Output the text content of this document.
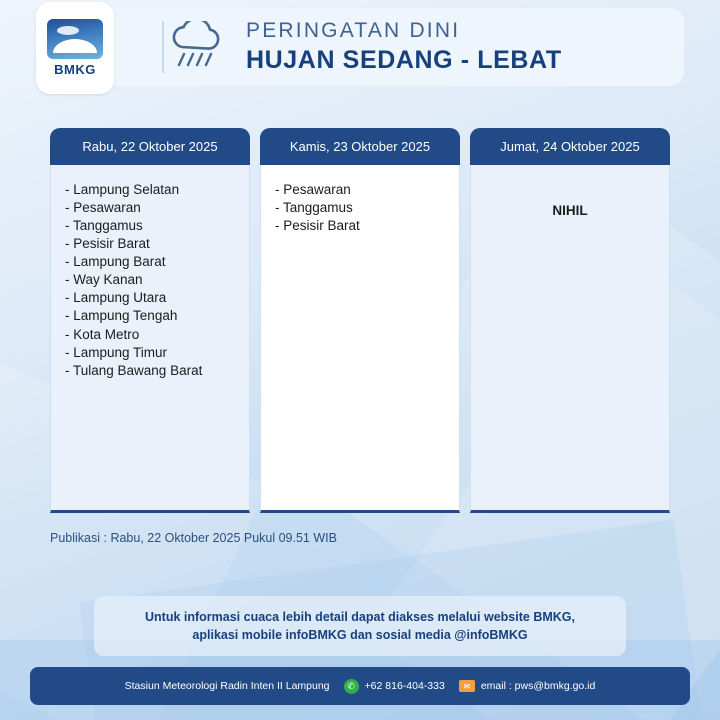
PERINGATAN DINI
HUJAN SEDANG - LEBAT
BMKG
Rabu, 22 Oktober 2025
- Lampung Selatan
- Pesawaran
- Tanggamus
- Pesisir Barat
- Lampung Barat
- Way Kanan
- Lampung Utara
- Lampung Tengah
- Kota Metro
- Lampung Timur
- Tulang Bawang Barat
Kamis, 23 Oktober 2025
- Pesawaran
- Tanggamus
- Pesisir Barat
Jumat, 24 Oktober 2025
NIHIL
Publikasi : Rabu, 22 Oktober 2025 Pukul 09.51 WIB
Untuk informasi cuaca lebih detail dapat diakses melalui website BMKG,
aplikasi mobile infoBMKG dan sosial media @infoBMKG
Stasiun Meteorologi Radin Inten II Lampung	✆ +62 816-404-333	✉	email : pws@bmkg.go.id
